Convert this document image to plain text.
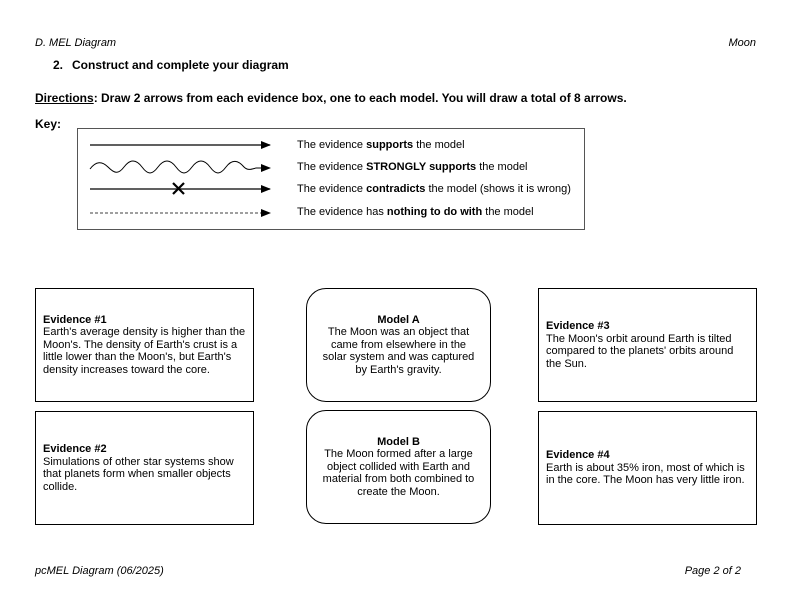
D. MEL Diagram	Moon
2. Construct and complete your diagram
Directions: Draw 2 arrows from each evidence box, one to each model. You will draw a total of 8 arrows.
Key:
The evidence supports the model
The evidence STRONGLY supports the model
The evidence contradicts the model (shows it is wrong)
The evidence has nothing to do with the model
Evidence #1
Earth's average density is higher than the Moon's. The density of Earth's crust is a little lower than the Moon's, but Earth's density increases toward the core.
Evidence #2
Simulations of other star systems show that planets form when smaller objects collide.
Evidence #3
The Moon's orbit around Earth is tilted compared to the planets' orbits around the Sun.
Evidence #4
Earth is about 35% iron, most of which is in the core. The Moon has very little iron.
Model A
The Moon was an object that came from elsewhere in the solar system and was captured by Earth's gravity.
Model B
The Moon formed after a large object collided with Earth and material from both combined to create the Moon.
pcMEL Diagram (06/2025)	Page 2 of 2
